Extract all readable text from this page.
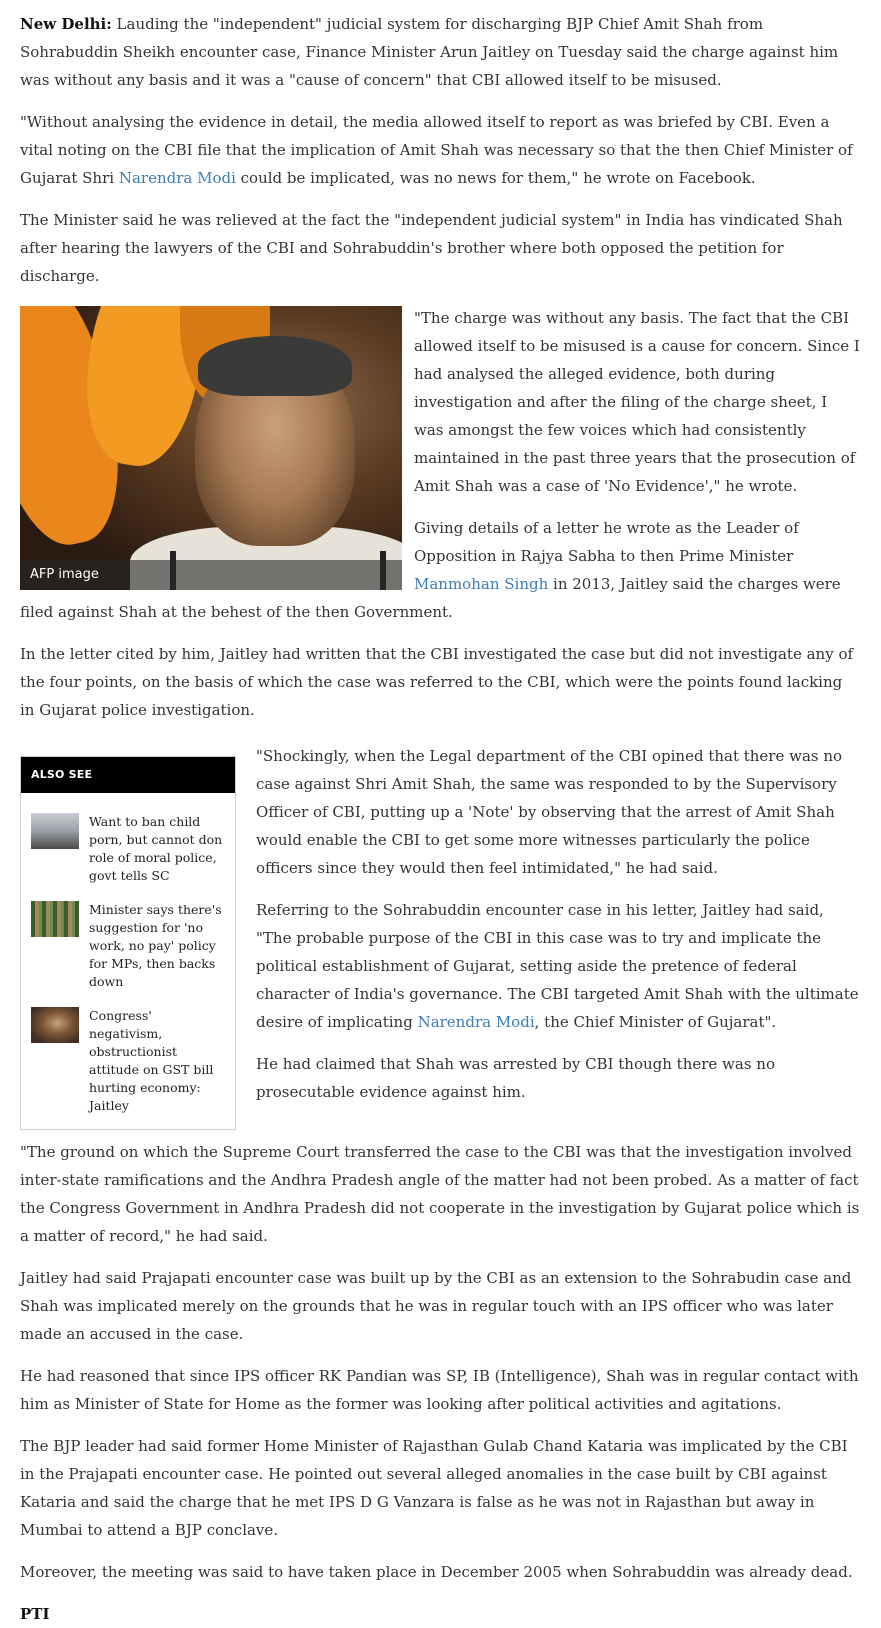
New Delhi: Lauding the "independent" judicial system for discharging BJP Chief Amit Shah from Sohrabuddin Sheikh encounter case, Finance Minister Arun Jaitley on Tuesday said the charge against him was without any basis and it was a "cause of concern" that CBI allowed itself to be misused.

"Without analysing the evidence in detail, the media allowed itself to report as was briefed by CBI. Even a vital noting on the CBI file that the implication of Amit Shah was necessary so that the then Chief Minister of Gujarat Shri Narendra Modi could be implicated, was no news for them," he wrote on Facebook.

The Minister said he was relieved at the fact the "independent judicial system" in India has vindicated Shah after hearing the lawyers of the CBI and Sohrabuddin's brother where both opposed the petition for discharge.

AFP image

"The charge was without any basis. The fact that the CBI allowed itself to be misused is a cause for concern. Since I had analysed the alleged evidence, both during investigation and after the filing of the charge sheet, I was amongst the few voices which had consistently maintained in the past three years that the prosecution of Amit Shah was a case of 'No Evidence'," he wrote.

Giving details of a letter he wrote as the Leader of Opposition in Rajya Sabha to then Prime Minister Manmohan Singh in 2013, Jaitley said the charges were filed against Shah at the behest of the then Government.

In the letter cited by him, Jaitley had written that the CBI investigated the case but did not investigate any of the four points, on the basis of which the case was referred to the CBI, which were the points found lacking in Gujarat police investigation.

ALSO SEE
Want to ban child porn, but cannot don role of moral police, govt tells SC
Minister says there's suggestion for 'no work, no pay' policy for MPs, then backs down
Congress' negativism, obstructionist attitude on GST bill hurting economy: Jaitley

"Shockingly, when the Legal department of the CBI opined that there was no case against Shri Amit Shah, the same was responded to by the Supervisory Officer of CBI, putting up a 'Note' by observing that the arrest of Amit Shah would enable the CBI to get some more witnesses particularly the police officers since they would then feel intimidated," he had said.

Referring to the Sohrabuddin encounter case in his letter, Jaitley had said, "The probable purpose of the CBI in this case was to try and implicate the political establishment of Gujarat, setting aside the pretence of federal character of India's governance. The CBI targeted Amit Shah with the ultimate desire of implicating Narendra Modi, the Chief Minister of Gujarat".

He had claimed that Shah was arrested by CBI though there was no prosecutable evidence against him.

"The ground on which the Supreme Court transferred the case to the CBI was that the investigation involved inter-state ramifications and the Andhra Pradesh angle of the matter had not been probed. As a matter of fact the Congress Government in Andhra Pradesh did not cooperate in the investigation by Gujarat police which is a matter of record," he had said.

Jaitley had said Prajapati encounter case was built up by the CBI as an extension to the Sohrabudin case and Shah was implicated merely on the grounds that he was in regular touch with an IPS officer who was later made an accused in the case.

He had reasoned that since IPS officer RK Pandian was SP, IB (Intelligence), Shah was in regular contact with him as Minister of State for Home as the former was looking after political activities and agitations.

The BJP leader had said former Home Minister of Rajasthan Gulab Chand Kataria was implicated by the CBI in the Prajapati encounter case. He pointed out several alleged anomalies in the case built by CBI against Kataria and said the charge that he met IPS D G Vanzara is false as he was not in Rajasthan but away in Mumbai to attend a BJP conclave.

Moreover, the meeting was said to have taken place in December 2005 when Sohrabuddin was already dead.

PTI
